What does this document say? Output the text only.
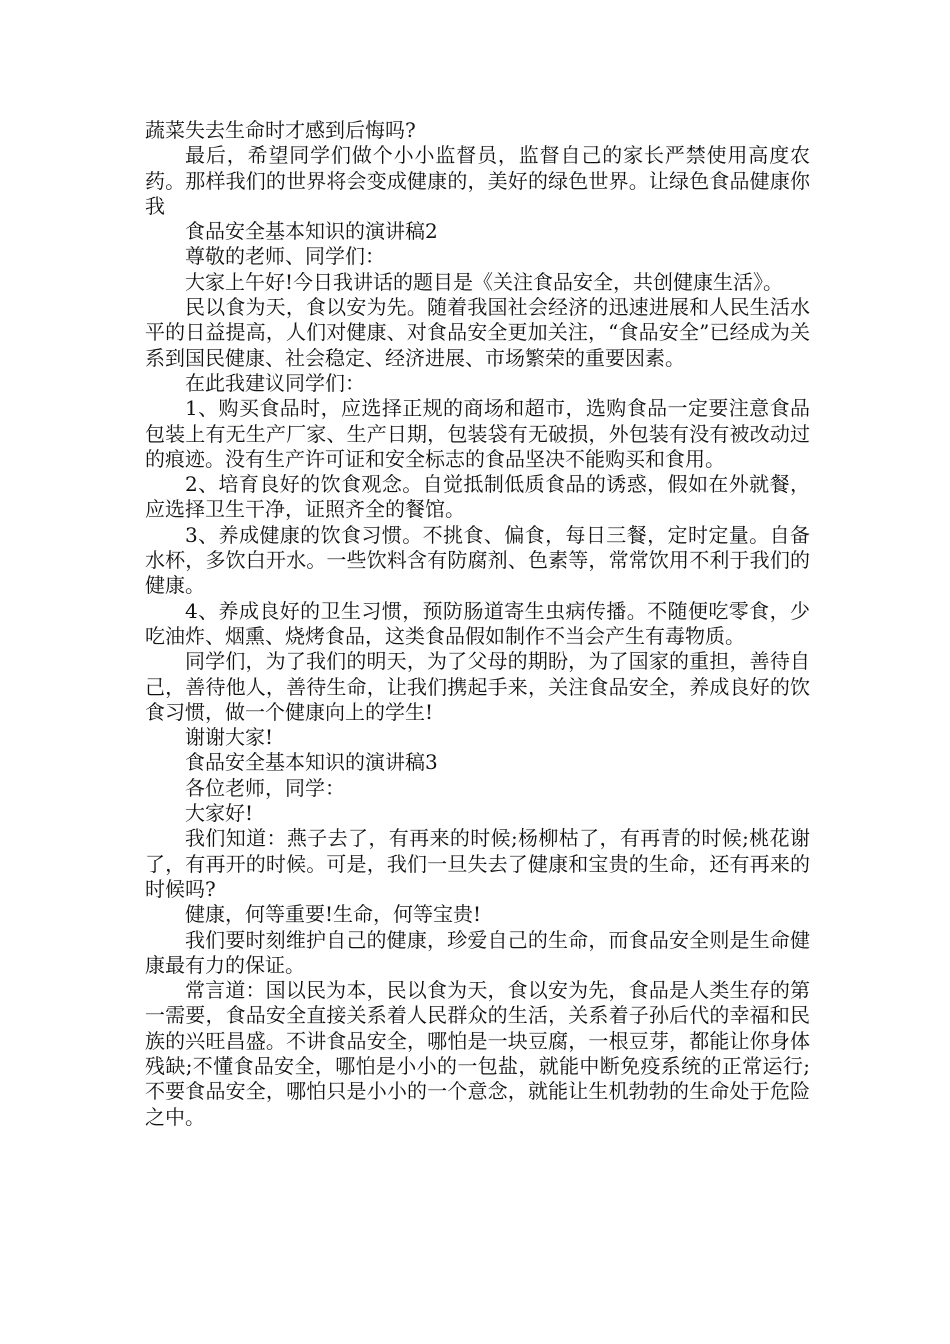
蔬菜失去生命时才感到后悔吗?

最后，希望同学们做个小小监督员，监督自己的家长严禁使用高度农药。那样我们的世界将会变成健康的，美好的绿色世界。让绿色食品健康你我

食品安全基本知识的演讲稿2

尊敬的老师、同学们：

大家上午好!今日我讲话的题目是《关注食品安全，共创健康生活》。

民以食为天，食以安为先。随着我国社会经济的迅速进展和人民生活水平的日益提高，人们对健康、对食品安全更加关注，“食品安全”已经成为关系到国民健康、社会稳定、经济进展、市场繁荣的重要因素。

在此我建议同学们：

1、购买食品时，应选择正规的商场和超市，选购食品一定要注意食品包装上有无生产厂家、生产日期，包装袋有无破损，外包装有没有被改动过的痕迹。没有生产许可证和安全标志的食品坚决不能购买和食用。

2、培育良好的饮食观念。自觉抵制低质食品的诱惑，假如在外就餐，应选择卫生干净，证照齐全的餐馆。

3、养成健康的饮食习惯。不挑食、偏食，每日三餐，定时定量。自备水杯，多饮白开水。一些饮料含有防腐剂、色素等，常常饮用不利于我们的健康。

4、养成良好的卫生习惯，预防肠道寄生虫病传播。不随便吃零食，少吃油炸、烟熏、烧烤食品，这类食品假如制作不当会产生有毒物质。

同学们，为了我们的明天，为了父母的期盼，为了国家的重担，善待自己，善待他人，善待生命，让我们携起手来，关注食品安全，养成良好的饮食习惯，做一个健康向上的学生!

谢谢大家!

食品安全基本知识的演讲稿3

各位老师，同学：

大家好!

我们知道：燕子去了，有再来的时候;杨柳枯了，有再青的时候;桃花谢了，有再开的时候。可是，我们一旦失去了健康和宝贵的生命，还有再来的时候吗?

健康，何等重要!生命，何等宝贵!

我们要时刻维护自己的健康，珍爱自己的生命，而食品安全则是生命健康最有力的保证。

常言道：国以民为本，民以食为天，食以安为先，食品是人类生存的第一需要，食品安全直接关系着人民群众的生活，关系着子孙后代的幸福和民族的兴旺昌盛。不讲食品安全，哪怕是一块豆腐，一根豆芽，都能让你身体残缺;不懂食品安全，哪怕是小小的一包盐，就能中断免疫系统的正常运行;不要食品安全，哪怕只是小小的一个意念，就能让生机勃勃的生命处于危险之中。
